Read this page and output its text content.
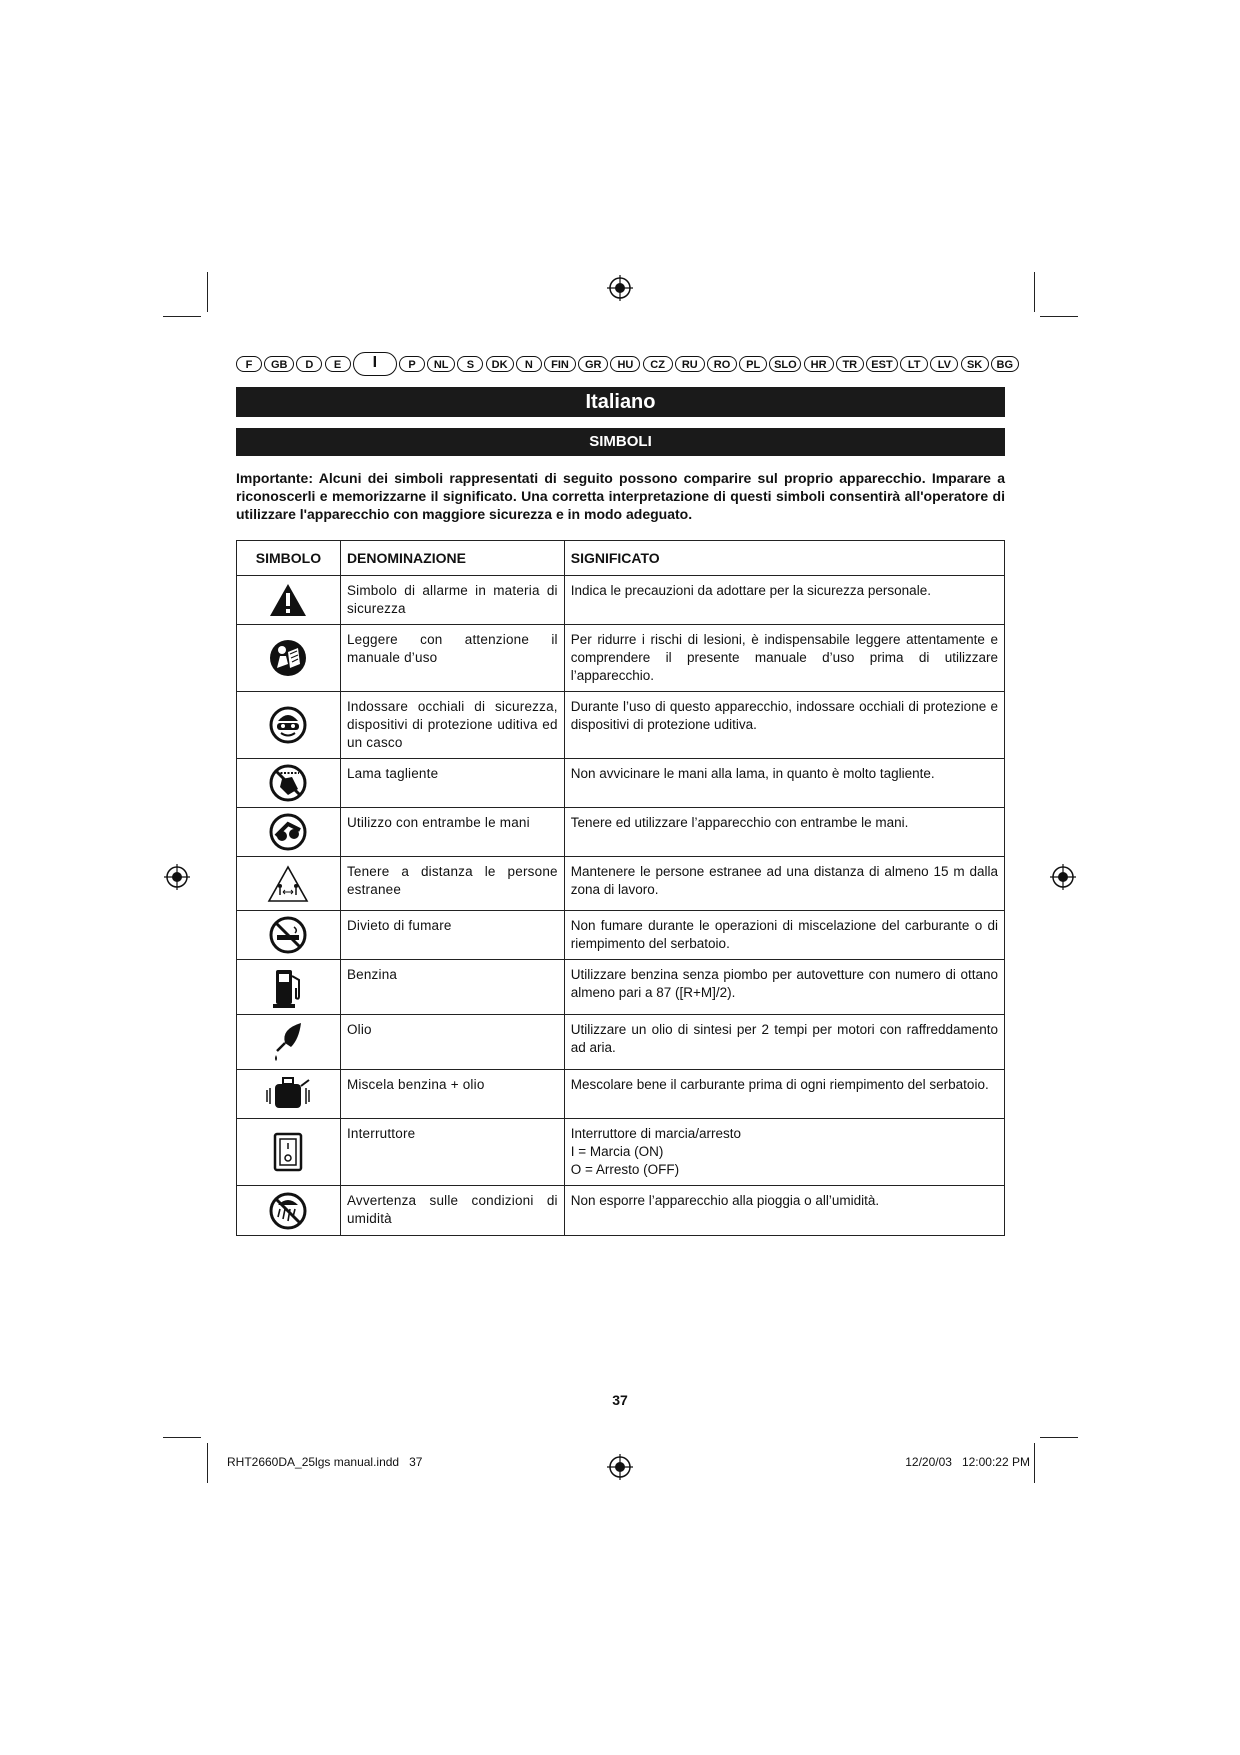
F	GB	D	E	I	P	NL	S	DK	N	FIN	GR	HU	CZ	RU	RO	PL	SLO	HR	TR	EST	LT	LV	SK	BG
Italiano
SIMBOLI
Importante: Alcuni dei simboli rappresentati di seguito possono comparire sul proprio apparecchio. Imparare a riconoscerli e memorizzarne il significato. Una corretta interpretazione di questi simboli consentirà all'operatore di utilizzare l'apparecchio con maggiore sicurezza e in modo adeguato.
SIMBOLO	DENOMINAZIONE	SIGNIFICATO

	Simbolo di allarme in materia di sicurezza	Indica le precauzioni da adottare per la sicurezza personale.

	Leggere con attenzione il manuale d’uso	Per ridurre i rischi di lesioni, è indispensabile leggere attentamente e comprendere il presente manuale d’uso prima di utilizzare l’apparecchio.

	Indossare occhiali di sicurezza, dispositivi di protezione uditiva ed un casco	Durante l’uso di questo apparecchio, indossare occhiali di protezione e dispositivi di protezione uditiva.

	Lama tagliente	Non avvicinare le mani alla lama, in quanto è molto tagliente.

	Utilizzo con entrambe le mani	Tenere ed utilizzare l’apparecchio con entrambe le mani.

	Tenere a distanza le persone estranee	Mantenere le persone estranee ad una distanza di almeno 15 m dalla zona di lavoro.

	Divieto di fumare	Non fumare durante le operazioni di miscelazione del carburante o di riempimento del serbatoio.

	Benzina	Utilizzare benzina senza piombo per autovetture con numero di ottano almeno pari a 87 ([R+M]/2).

	Olio	Utilizzare un olio di sintesi per 2 tempi per motori con raffreddamento ad aria.

	Miscela benzina + olio	Mescolare bene il carburante prima di ogni riempimento del serbatoio.

	Interruttore	Interruttore di marcia/arresto
I = Marcia (ON)
O = Arresto (OFF)

	Avvertenza sulle condizioni di umidità	Non esporre l’apparecchio alla pioggia o all’umidità.
37
RHT2660DA_25lgs manual.indd   37	12/20/03   12:00:22 PM
